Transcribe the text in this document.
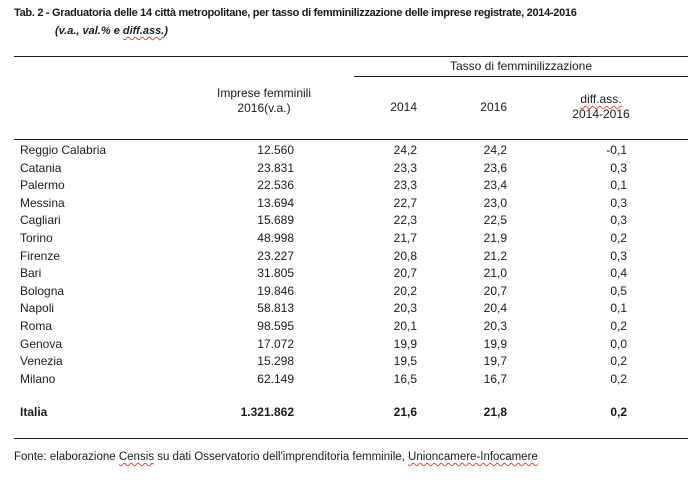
Tab. 2 - Graduatoria delle 14 città metropolitane, per tasso di femminilizzazione delle imprese registrate, 2014-2016
(v.a., val.% e diff.ass.)
Tasso di femminilizzazione
Imprese femminili
2016(v.a.)	2014	2016
diff.ass.
2014-2016
Reggio Calabria	12.560	24,2	24,2	-0,1
Catania	23.831	23,3	23,6	0,3
Palermo	22.536	23,3	23,4	0,1
Messina	13.694	22,7	23,0	0,3
Cagliari	15.689	22,3	22,5	0,3
Torino	48.998	21,7	21,9	0,2
Firenze	23.227	20,8	21,2	0,3
Bari	31.805	20,7	21,0	0,4
Bologna	19.846	20,2	20,7	0,5
Napoli	58.813	20,3	20,4	0,1
Roma	98.595	20,1	20,3	0,2
Genova	17.072	19,9	19,9	0,0
Venezia	15.298	19,5	19,7	0,2
Milano	62.149	16,5	16,7	0,2
Italia	1.321.862	21,6	21,8	0,2
Fonte: elaborazione Censis su dati Osservatorio dell'imprenditoria femminile, Unioncamere-Infocamere
